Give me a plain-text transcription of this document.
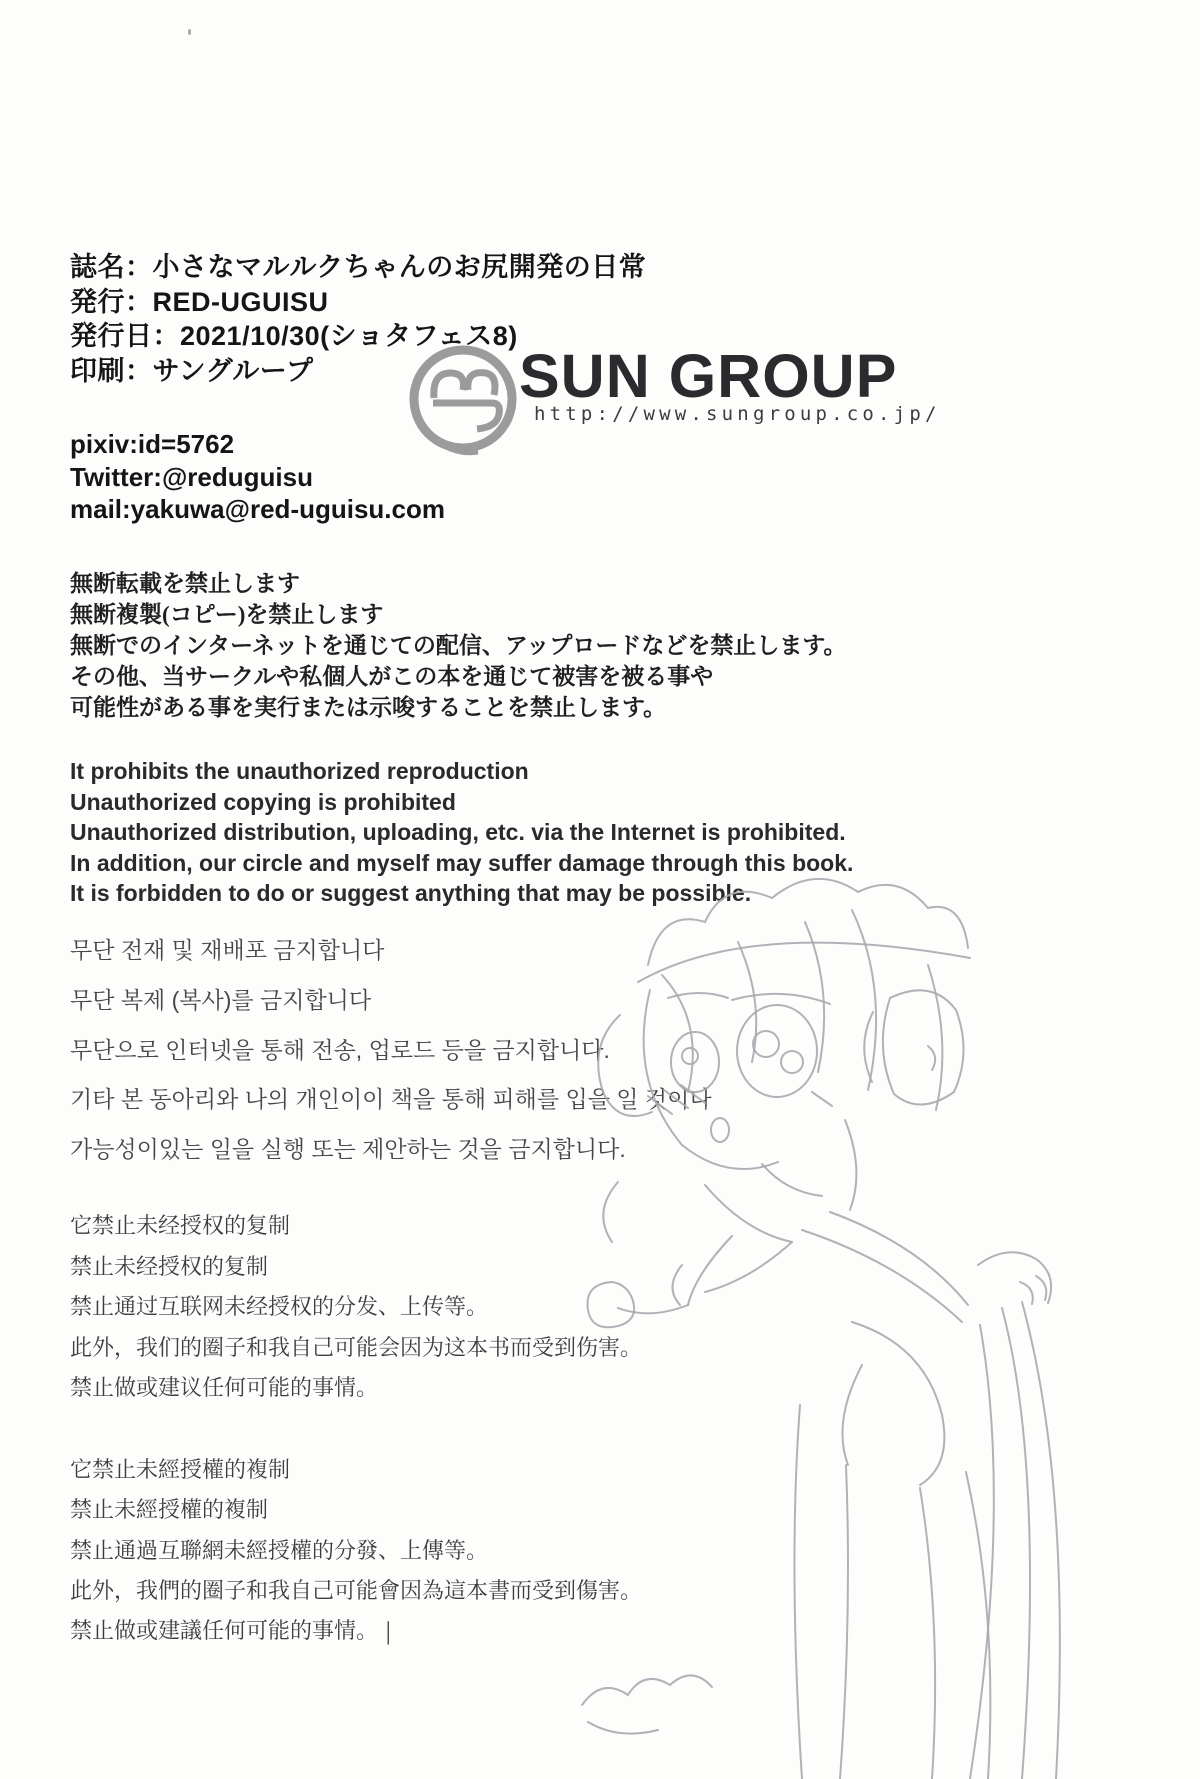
誌名：小さなマルルクちゃんのお尻開発の日常
発行：RED-UGUISU
発行日：2021/10/30(ショタフェス8)
印刷：サングループ	SUN GROUP
http://www.sungroup.co.jp/
pixiv:id=5762
Twitter:@reduguisu
mail:yakuwa@red-uguisu.com
無断転載を禁止します
無断複製(コピー)を禁止します
無断でのインターネットを通じての配信、アップロードなどを禁止します。
その他、当サークルや私個人がこの本を通じて被害を被る事や
可能性がある事を実行または示唆することを禁止します。
It prohibits the unauthorized reproduction
Unauthorized copying is prohibited
Unauthorized distribution, uploading, etc. via the Internet is prohibited.
In addition, our circle and myself may suffer damage through this book.
It is forbidden to do or suggest anything that may be possible.
무단 전재 및 재배포 금지합니다
무단 복제 (복사)를 금지합니다
무단으로 인터넷을 통해 전송, 업로드 등을 금지합니다.
기타 본 동아리와 나의 개인이이 책을 통해 피해를 입을 일 것이나
가능성이있는 일을 실행 또는 제안하는 것을 금지합니다.
它禁止未经授权的复制
禁止未经授权的复制
禁止通过互联网未经授权的分发、上传等。
此外，我们的圈子和我自己可能会因为这本书而受到伤害。
禁止做或建议任何可能的事情。
它禁止未經授權的複制
禁止未經授權的複制
禁止通過互聯網未經授權的分發、上傳等。
此外，我們的圈子和我自己可能會因為這本書而受到傷害。
禁止做或建議任何可能的事情。 |
